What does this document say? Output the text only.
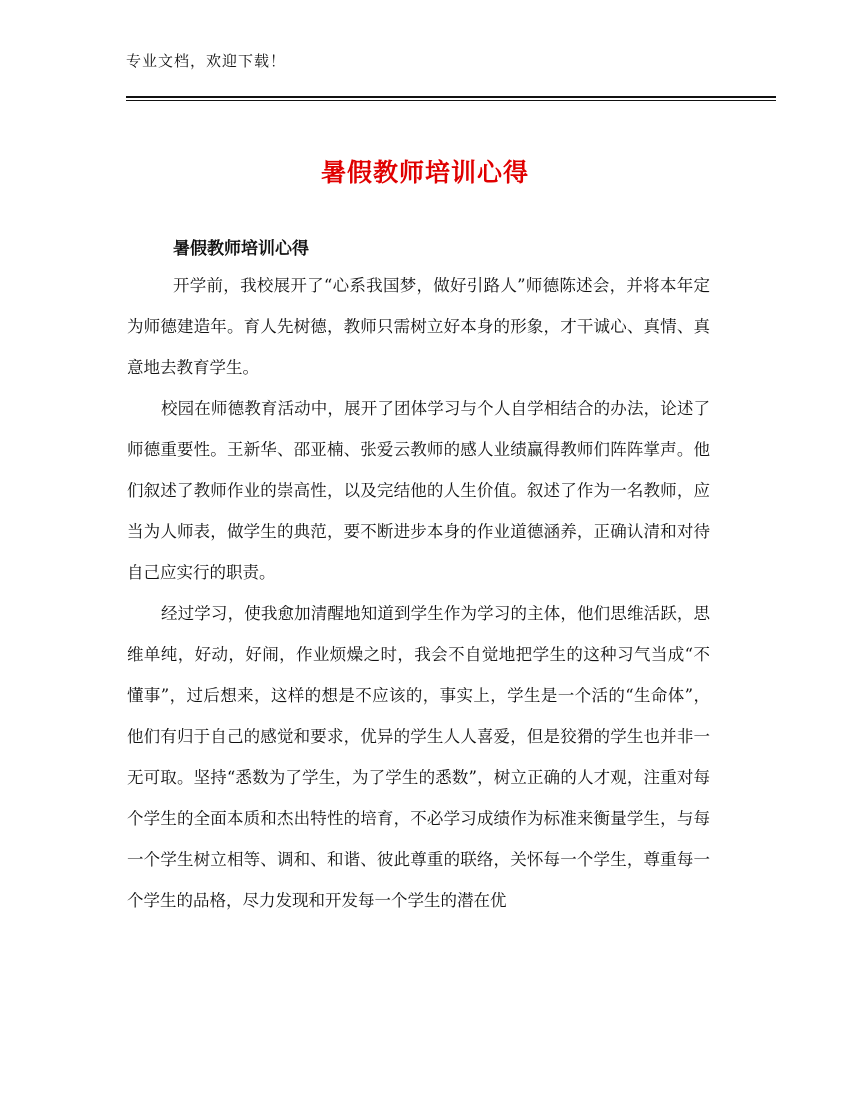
专业文档，欢迎下载！
暑假教师培训心得
暑假教师培训心得

开学前，我校展开了“心系我国梦，做好引路人”师德陈述会，并将本年定为师德建造年。育人先树德，教师只需树立好本身的形象，才干诚心、真情、真意地去教育学生。

校园在师德教育活动中，展开了团体学习与个人自学相结合的办法，论述了师德重要性。王新华、邵亚楠、张爱云教师的感人业绩赢得教师们阵阵掌声。他们叙述了教师作业的崇高性，以及完结他的人生价值。叙述了作为一名教师，应当为人师表，做学生的典范，要不断进步本身的作业道德涵养，正确认清和对待自己应实行的职责。

经过学习，使我愈加清醒地知道到学生作为学习的主体，他们思维活跃，思维单纯，好动，好闹，作业烦燥之时，我会不自觉地把学生的这种习气当成“不懂事”，过后想来，这样的想是不应该的，事实上，学生是一个活的“生命体”，他们有归于自己的感觉和要求，优异的学生人人喜爱，但是狡猾的学生也并非一无可取。坚持“悉数为了学生，为了学生的悉数”，树立正确的人才观，注重对每个学生的全面本质和杰出特性的培育，不必学习成绩作为标准来衡量学生，与每一个学生树立相等、调和、和谐、彼此尊重的联络，关怀每一个学生，尊重每一个学生的品格，尽力发现和开发每一个学生的潜在优
